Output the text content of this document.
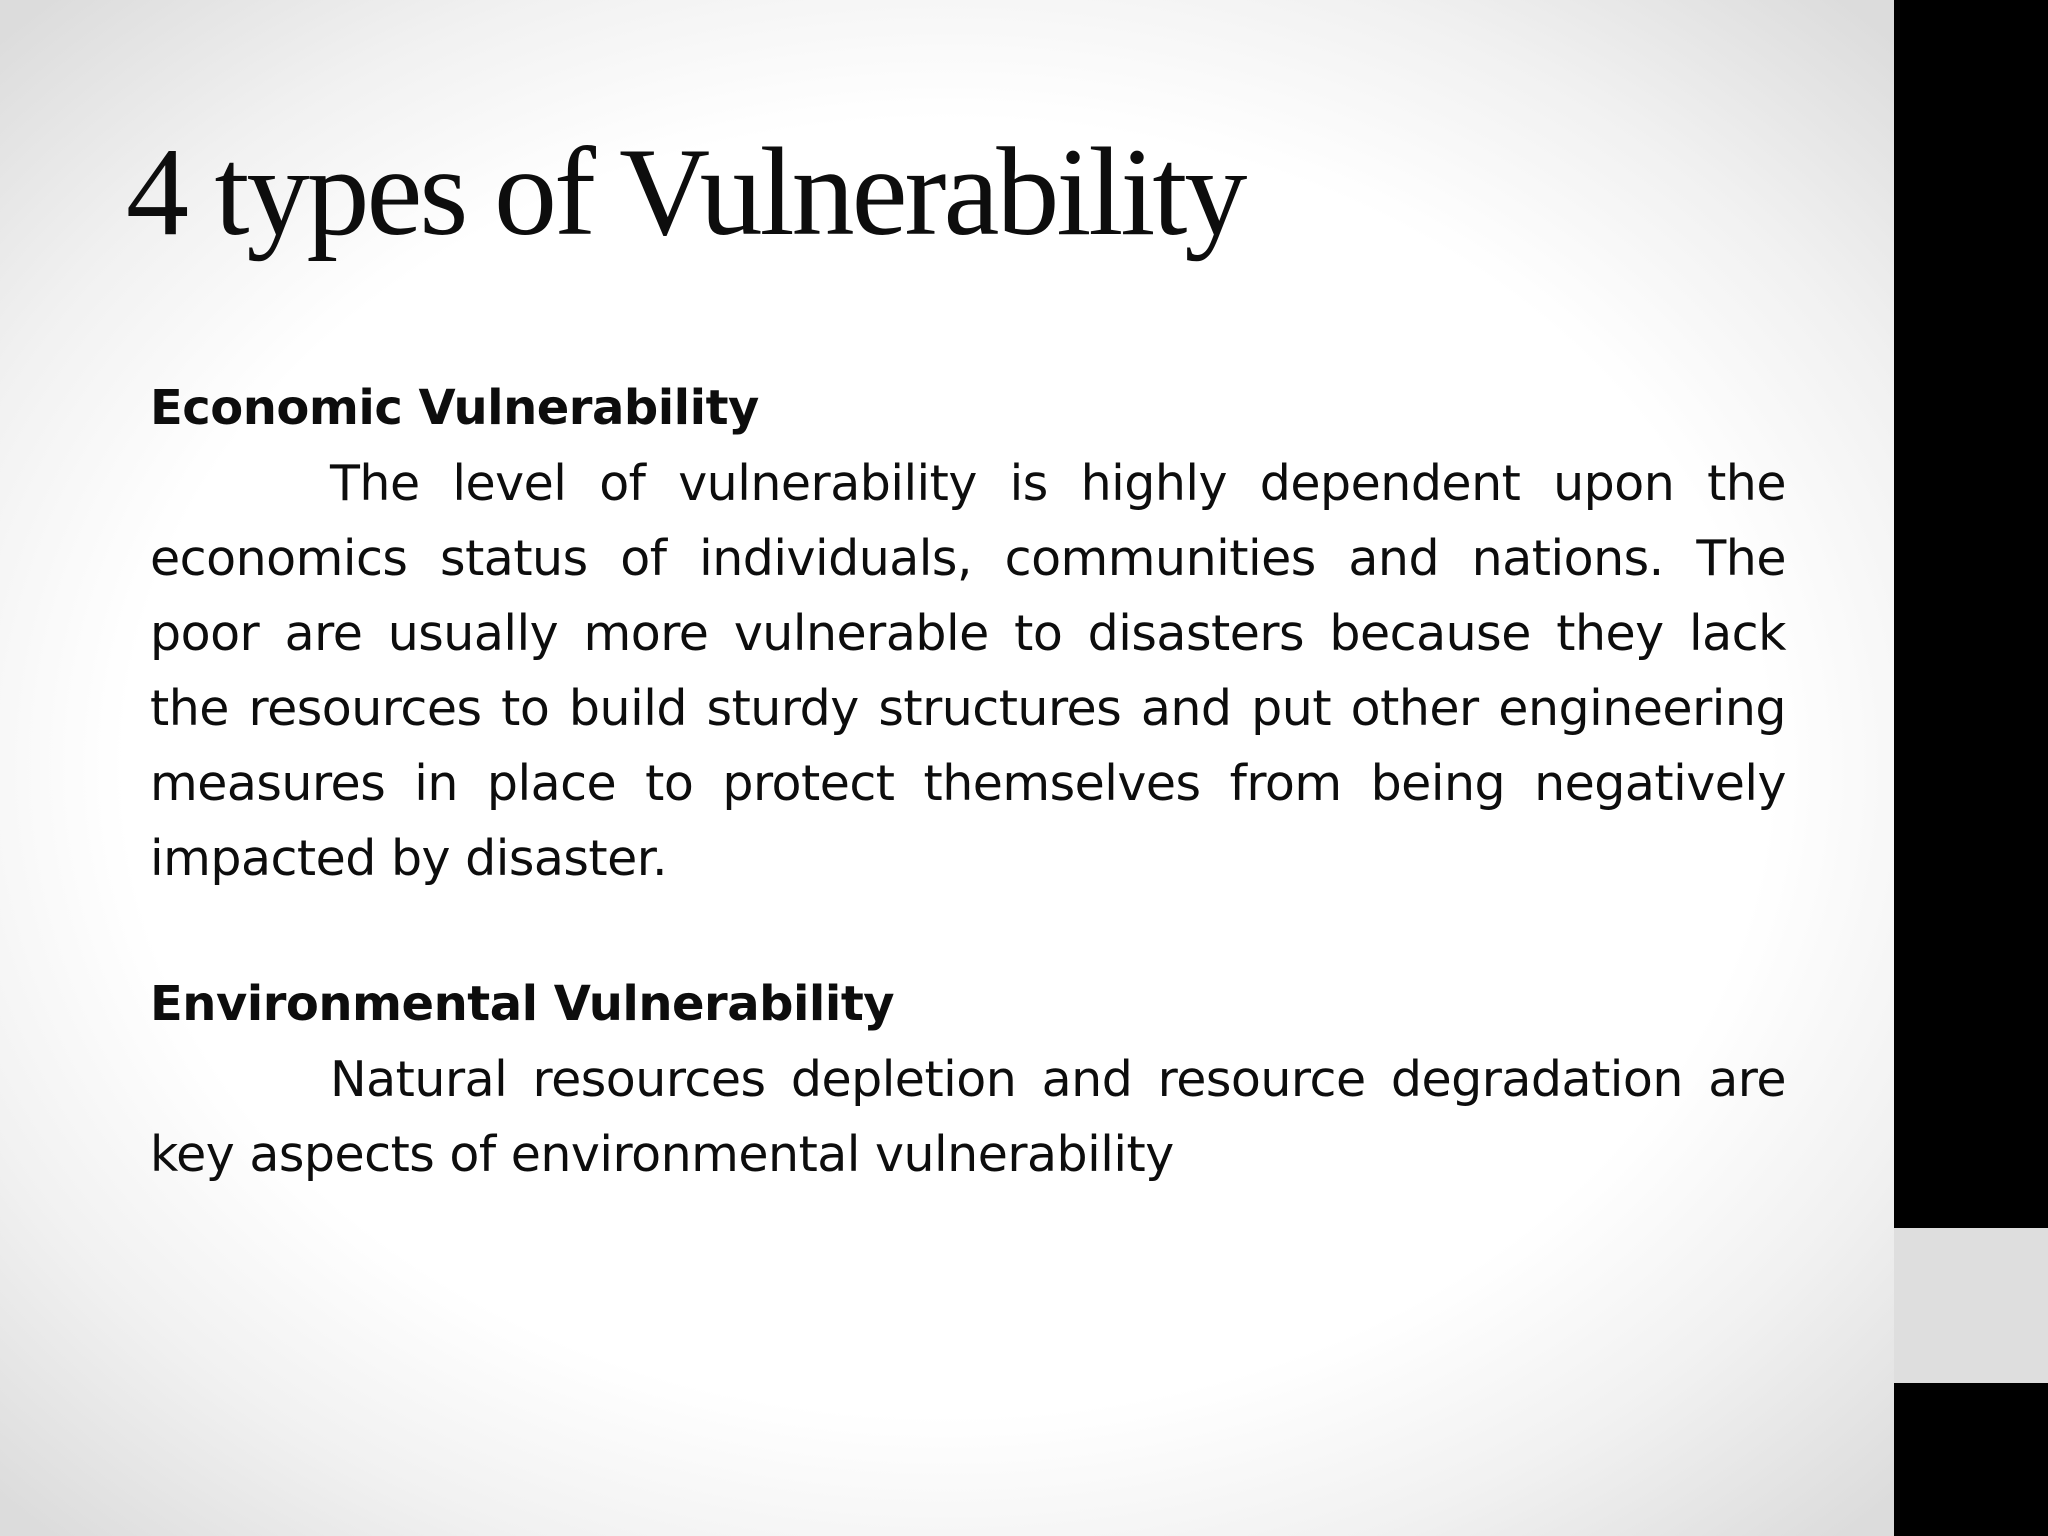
4 types of Vulnerability

Economic Vulnerability

The level of vulnerability is highly dependent upon the economics status of individuals, communities and nations. The poor are usually more vulnerable to disasters because they lack the resources to build sturdy structures and put other engineering measures in place to protect themselves from being negatively impacted by disaster.

Environmental Vulnerability

Natural resources depletion and resource degradation are key aspects of environmental vulnerability
